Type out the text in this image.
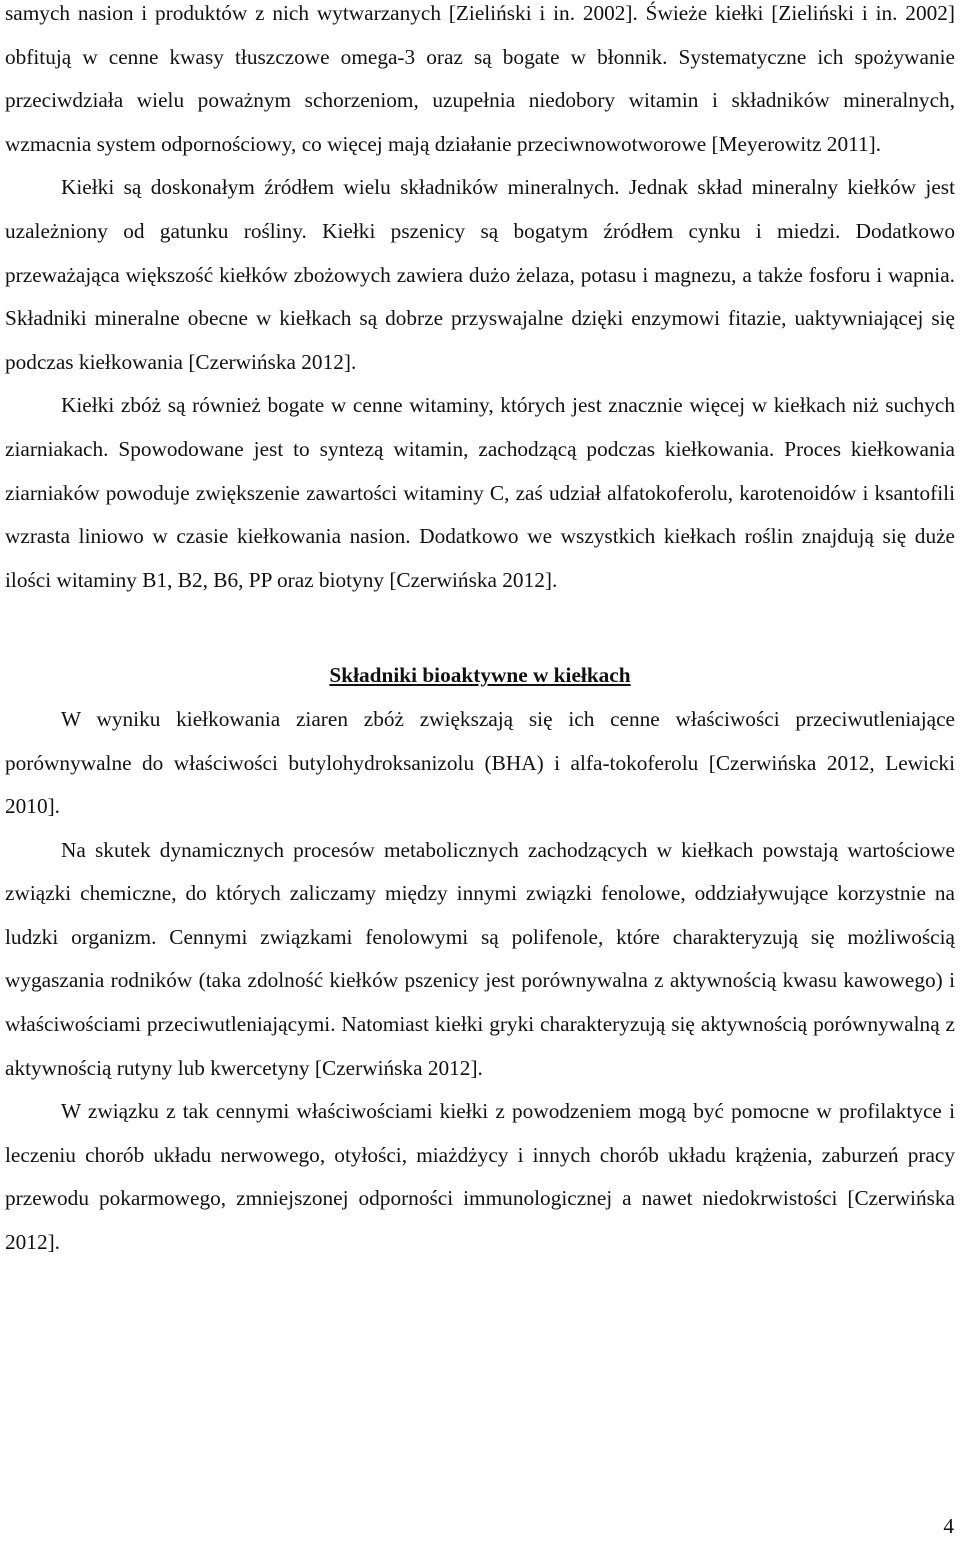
samych nasion i produktów z nich wytwarzanych [Zieliński i in. 2002]. Świeże kiełki [Zieliński i in. 2002] obfitują w cenne kwasy tłuszczowe omega-3 oraz są bogate w błonnik. Systematyczne ich spożywanie przeciwdziała wielu poważnym schorzeniom, uzupełnia niedobory witamin i składników mineralnych, wzmacnia system odpornościowy, co więcej mają działanie przeciwnowotworowe [Meyerowitz 2011].

Kiełki są doskonałym źródłem wielu składników mineralnych. Jednak skład mineralny kiełków jest uzależniony od gatunku rośliny. Kiełki pszenicy są bogatym źródłem cynku i miedzi. Dodatkowo przeważająca większość kiełków zbożowych zawiera dużo żelaza, potasu i magnezu, a także fosforu i wapnia. Składniki mineralne obecne w kiełkach są dobrze przyswajalne dzięki enzymowi fitazie, uaktywniającej się podczas kiełkowania [Czerwińska 2012].

Kiełki zbóż są również bogate w cenne witaminy, których jest znacznie więcej w kiełkach niż suchych ziarniakach. Spowodowane jest to syntezą witamin, zachodzącą podczas kiełkowania. Proces kiełkowania ziarniaków powoduje zwiększenie zawartości witaminy C, zaś udział alfatokoferolu, karotenoidów i ksantofili wzrasta liniowo w czasie kiełkowania nasion. Dodatkowo we wszystkich kiełkach roślin znajdują się duże ilości witaminy B1, B2, B6, PP oraz biotyny [Czerwińska 2012].

Składniki bioaktywne w kiełkach

W wyniku kiełkowania ziaren zbóż zwiększają się ich cenne właściwości przeciwutleniające porównywalne do właściwości butylohydroksanizolu (BHA) i alfa-tokoferolu [Czerwińska 2012, Lewicki 2010].

Na skutek dynamicznych procesów metabolicznych zachodzących w kiełkach powstają wartościowe związki chemiczne, do których zaliczamy między innymi związki fenolowe, oddziaływujące korzystnie na ludzki organizm. Cennymi związkami fenolowymi są polifenole, które charakteryzują się możliwością wygaszania rodników (taka zdolność kiełków pszenicy jest porównywalna z aktywnością kwasu kawowego) i właściwościami przeciwutleniającymi. Natomiast kiełki gryki charakteryzują się aktywnością porównywalną z aktywnością rutyny lub kwercetyny [Czerwińska 2012].

W związku z tak cennymi właściwościami kiełki z powodzeniem mogą być pomocne w profilaktyce i leczeniu chorób układu nerwowego, otyłości, miażdżycy i innych chorób układu krążenia, zaburzeń pracy przewodu pokarmowego, zmniejszonej odporności immunologicznej a nawet niedokrwistości [Czerwińska 2012].

4
